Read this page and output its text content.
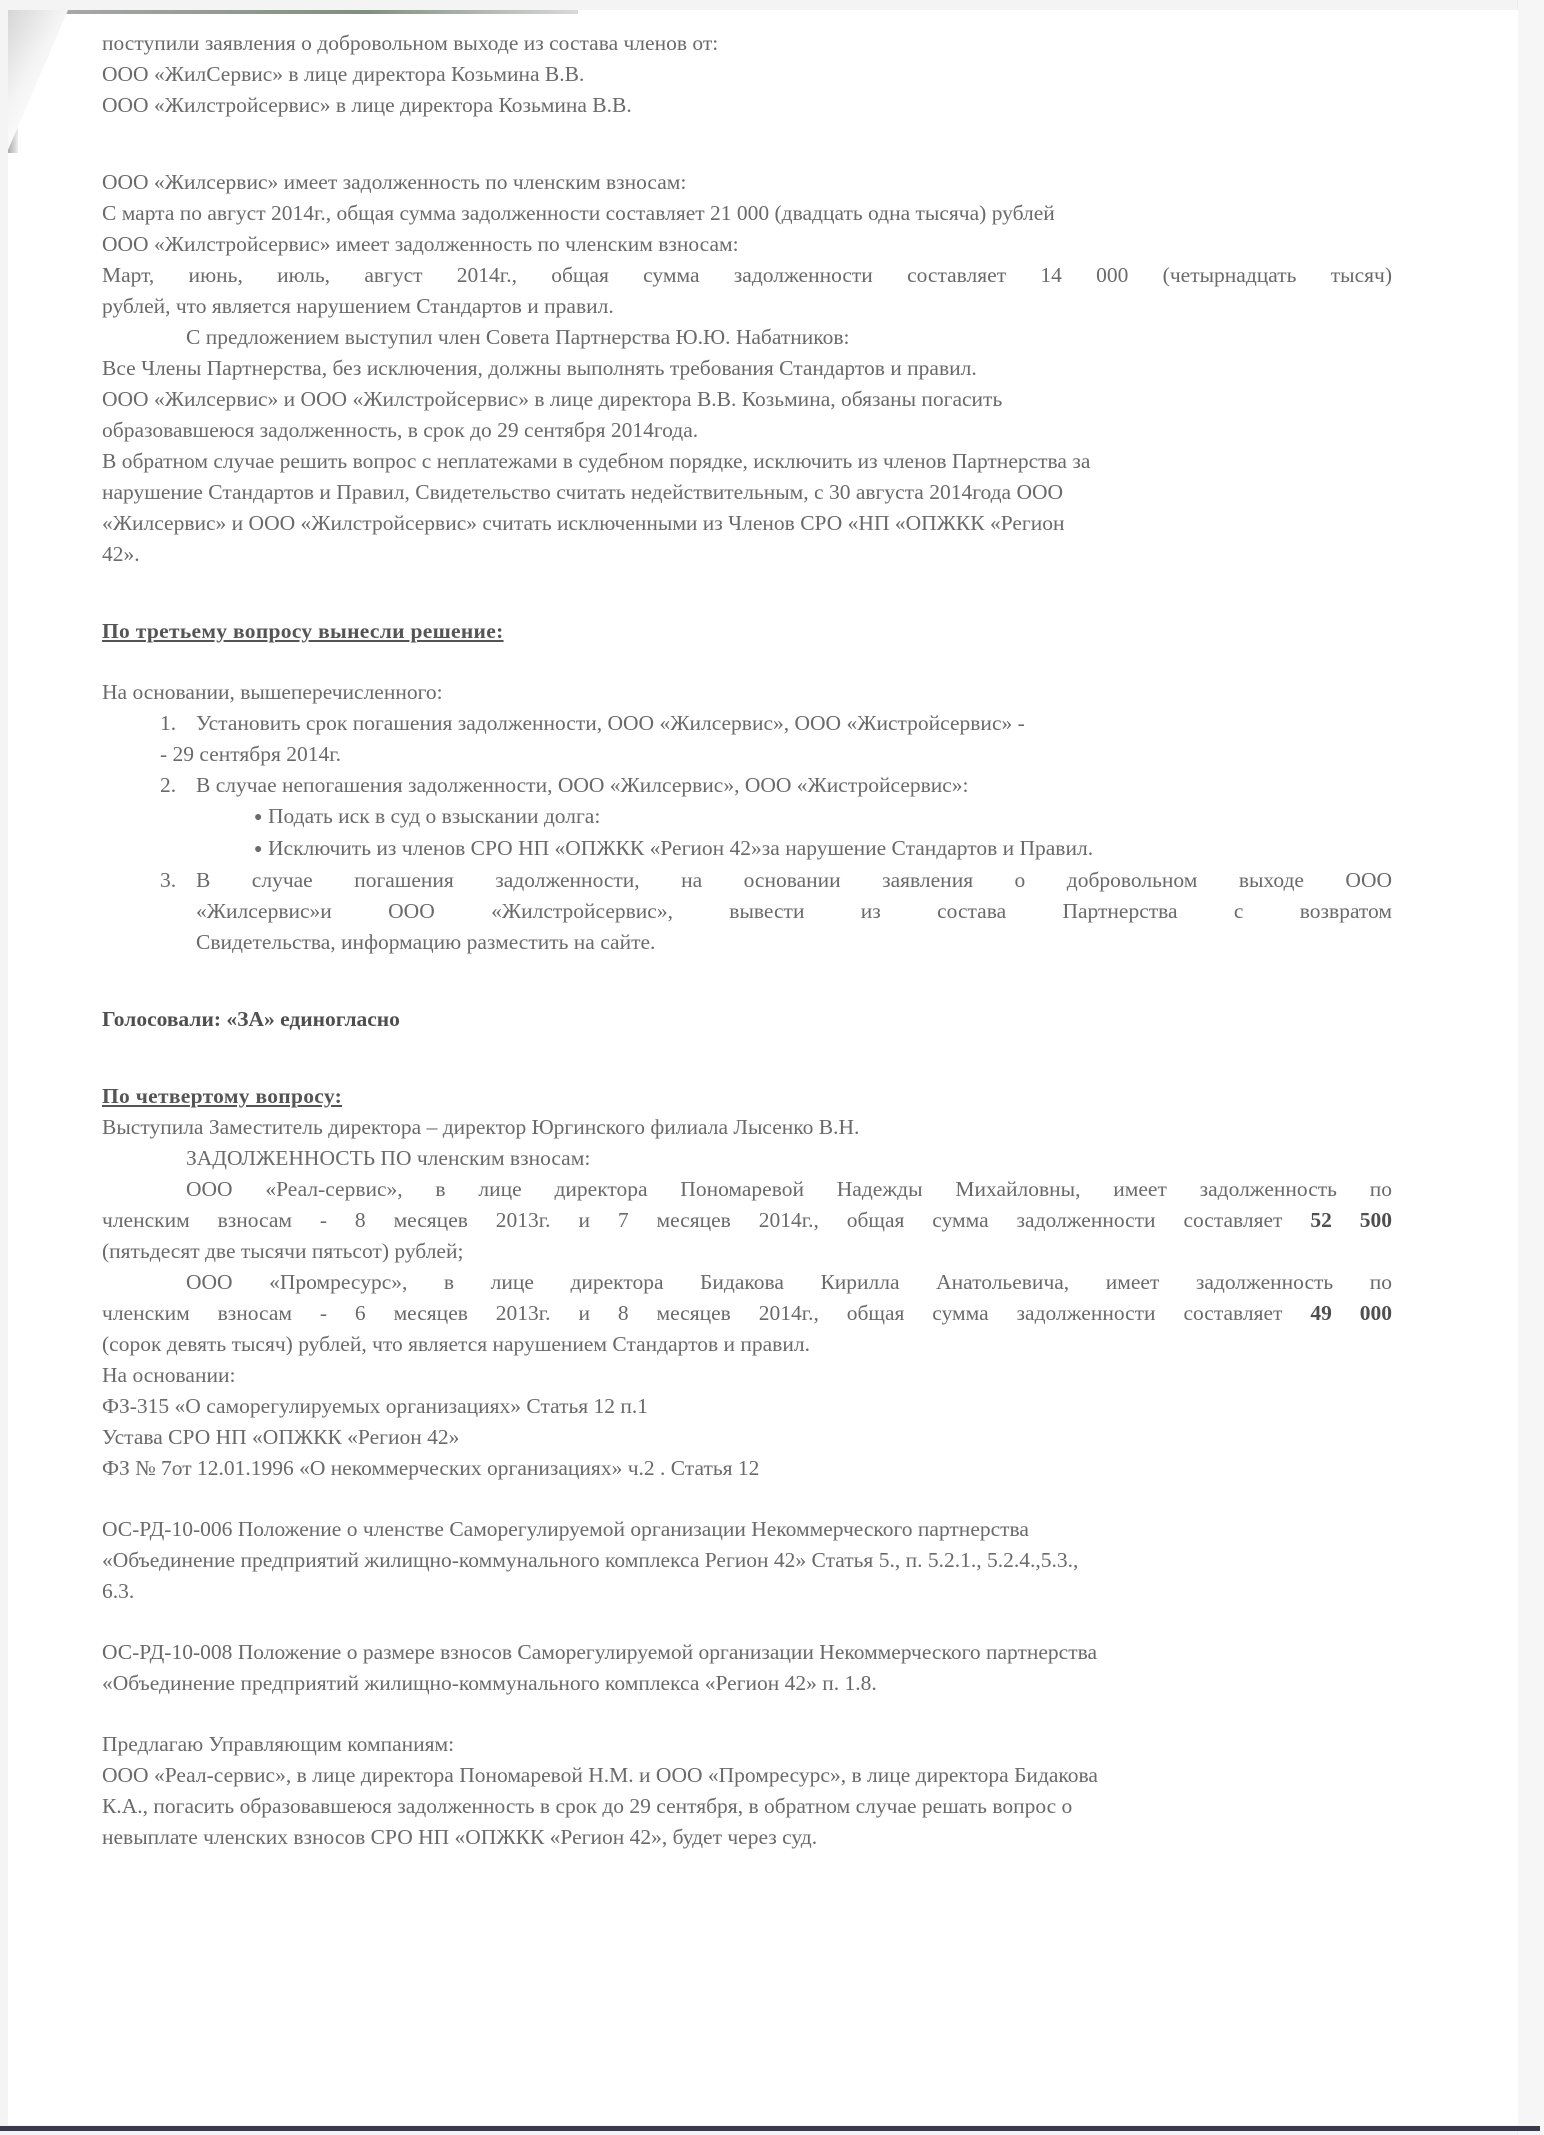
поступили заявления о добровольном выходе из состава членов от:
ООО «ЖилСервис» в лице директора Козьмина В.В.
ООО «Жилстройсервис» в лице директора Козьмина В.В.
ООО «Жилсервис» имеет задолженность по членским взносам:
С марта по август 2014г., общая сумма задолженности составляет 21 000 (двадцать одна тысяча) рублей
ООО «Жилстройсервис» имеет задолженность по членским взносам:
Март, июнь, июль, август 2014г., общая сумма задолженности составляет 14 000 (четырнадцать тысяч)
рублей, что является нарушением Стандартов и правил.
С предложением выступил член Совета Партнерства Ю.Ю. Набатников:
Все Члены Партнерства, без исключения, должны выполнять требования Стандартов и правил.
ООО «Жилсервис» и ООО «Жилстройсервис» в лице директора В.В. Козьмина, обязаны погасить
образовавшеюся задолженность, в срок до 29 сентября 2014года.
В обратном случае решить вопрос с неплатежами в судебном порядке, исключить из членов Партнерства за
нарушение Стандартов и Правил, Свидетельство считать недействительным, с 30 августа 2014года ООО
«Жилсервис» и ООО «Жилстройсервис» считать исключенными из Членов СРО «НП «ОПЖКК «Регион
42».
По третьему вопросу вынесли решение:
На основании, вышеперечисленного:
1. Установить срок погашения задолженности, ООО «Жилсервис», ООО «Жистройсервис» -
- 29 сентября 2014г.
2. В случае непогашения задолженности, ООО «Жилсервис», ООО «Жистройсервис»:
● Подать иск в суд о взыскании долга:
● Исключить из членов СРО НП «ОПЖКК «Регион 42»за нарушение Стандартов и Правил.
3. В случае погашения задолженности, на основании заявления о добровольном выходе ООО
«Жилсервис»и ООО «Жилстройсервис», вывести из состава Партнерства с возвратом
Свидетельства, информацию разместить на сайте.
Голосовали: «ЗА» единогласно
По четвертому вопросу:
Выступила Заместитель директора – директор Юргинского филиала Лысенко В.Н.
ЗАДОЛЖЕННОСТЬ ПО членским взносам:
ООО «Реал-сервис», в лице директора Пономаревой Надежды Михайловны, имеет задолженность по
членским взносам - 8 месяцев 2013г. и 7 месяцев 2014г., общая сумма задолженности составляет 52 500
(пятьдесят две тысячи пятьсот) рублей;
ООО «Промресурс», в лице директора Бидакова Кирилла Анатольевича, имеет задолженность по
членским взносам - 6 месяцев 2013г. и 8 месяцев 2014г., общая сумма задолженности составляет 49 000
(сорок девять тысяч) рублей, что является нарушением Стандартов и правил.
На основании:
ФЗ-315 «О саморегулируемых организациях» Статья 12 п.1
Устава СРО НП «ОПЖКК «Регион 42»
ФЗ № 7от 12.01.1996 «О некоммерческих организациях» ч.2 . Статья 12
ОС-РД-10-006 Положение о членстве Саморегулируемой организации Некоммерческого партнерства
«Объединение предприятий жилищно-коммунального комплекса Регион 42» Статья 5., п. 5.2.1., 5.2.4.,5.3.,
6.3.
ОС-РД-10-008 Положение о размере взносов Саморегулируемой организации Некоммерческого партнерства
«Объединение предприятий жилищно-коммунального комплекса «Регион 42» п. 1.8.
Предлагаю Управляющим компаниям:
ООО «Реал-сервис», в лице директора Пономаревой Н.М. и ООО «Промресурс», в лице директора Бидакова
К.А., погасить образовавшеюся задолженность в срок до 29 сентября, в обратном случае решать вопрос о
невыплате членских взносов СРО НП «ОПЖКК «Регион 42», будет через суд.
